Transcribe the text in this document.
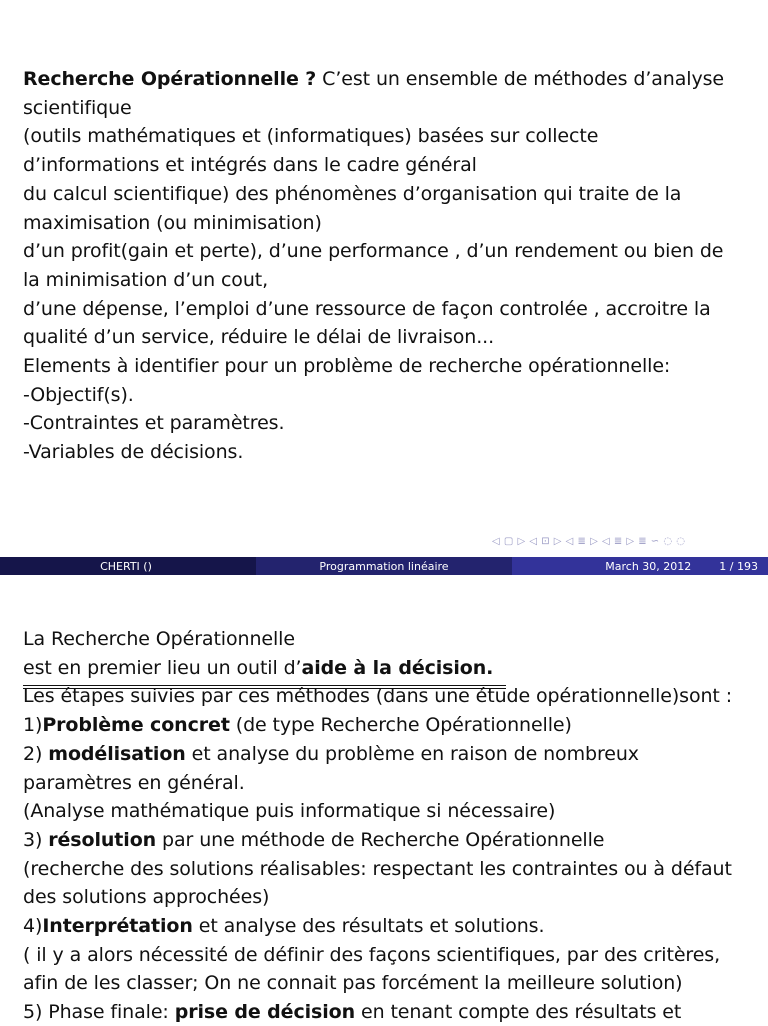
Recherche Opérationnelle ? C’est un ensemble de méthodes d’analyse
scientifique
(outils mathématiques et (informatiques) basées sur collecte
d’informations et intégrés dans le cadre général
du calcul scientifique) des phénomènes d’organisation qui traite de la
maximisation (ou minimisation)
d’un profit(gain et perte), d’une performance , d’un rendement ou bien de
la minimisation d’un cout,
d’une dépense, l’emploi d’une ressource de façon controlée , accroitre la
qualité d’un service, réduire le délai de livraison...
Elements à identifier pour un problème de recherche opérationnelle:
-Objectif(s).
-Contraintes et paramètres.
-Variables de décisions.
◁ ▢ ▷ ◁ ⊡ ▷ ◁ ≣ ▷ ◁ ≣ ▷ ≣ ∽ ◌ ◌
CHERTI ()	Programmation linéaire	March 30, 2012	1 / 193
La Recherche Opérationnelle
est en premier lieu un outil d’aide à la décision.
Les étapes suivies par ces méthodes (dans une étude opérationnelle)sont :
1)Problème concret (de type Recherche Opérationnelle)
2) modélisation et analyse du problème en raison de nombreux
paramètres en général.
(Analyse mathématique puis informatique si nécessaire)
3) résolution par une méthode de Recherche Opérationnelle
(recherche des solutions réalisables: respectant les contraintes ou à défaut
des solutions approchées)
4)Interprétation et analyse des résultats et solutions.
( il y a alors nécessité de définir des façons scientifiques, par des critères,
afin de les classer; On ne connait pas forcément la meilleure solution)
5) Phase finale: prise de décision en tenant compte des résultats et
